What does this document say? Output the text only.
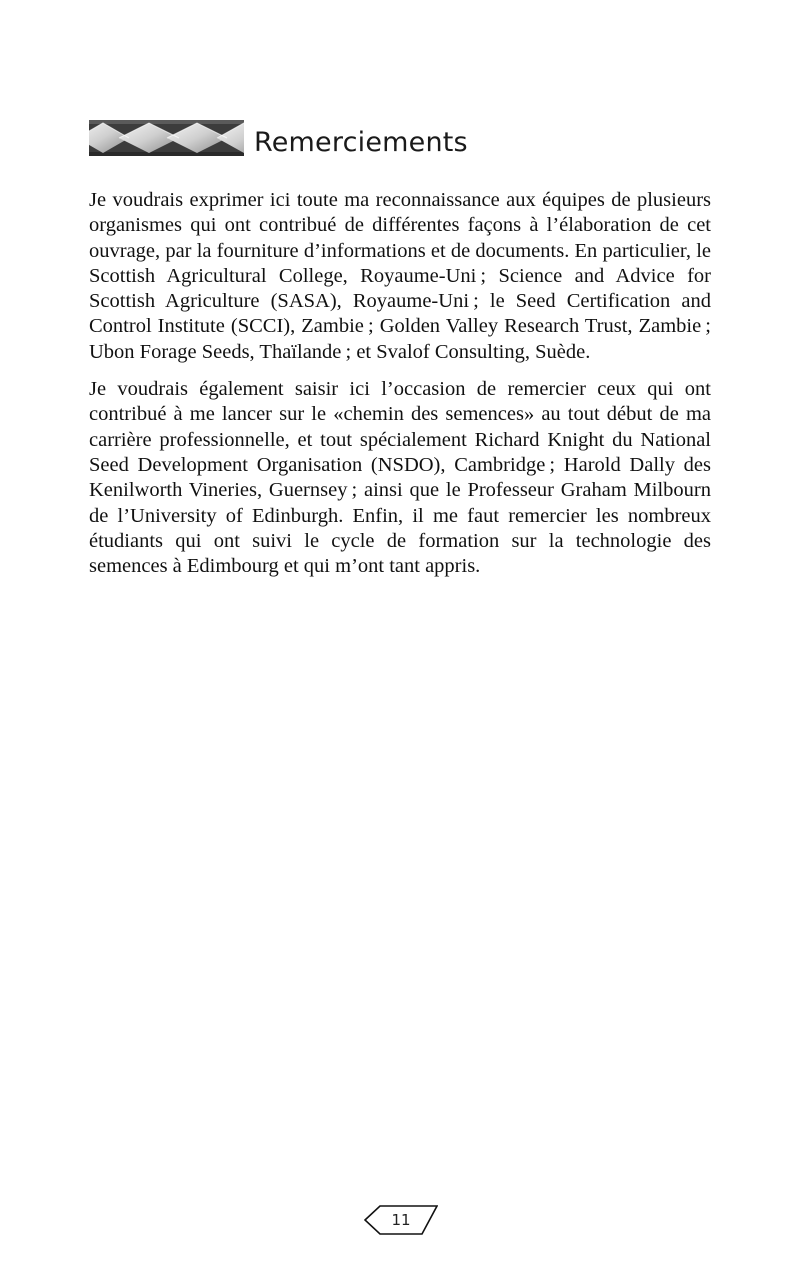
Remerciements

Je voudrais exprimer ici toute ma reconnaissance aux équipes de plusieurs organismes qui ont contribué de différentes façons à l’élaboration de cet ouvrage, par la fourniture d’informations et de documents. En particulier, le Scottish Agricultural College, Royaume-Uni ; Science and Advice for Scottish Agriculture (SASA), Royaume-Uni ; le Seed Certification and Control Institute (SCCI), Zambie ; Golden Valley Research Trust, Zambie ; Ubon Forage Seeds, Thaïlande ; et Svalof Consulting, Suède.

Je voudrais également saisir ici l’occasion de remercier ceux qui ont contribué à me lancer sur le «chemin des semences» au tout début de ma carrière professionnelle, et tout spécialement Richard Knight du National Seed Development Organisation (NSDO), Cambridge ; Harold Dally des Kenilworth Vineries, Guernsey ; ainsi que le Professeur Graham Milbourn de l’University of Edinburgh. Enfin, il me faut remercier les nombreux étudiants qui ont suivi le cycle de formation sur la technologie des semences à Edimbourg et qui m’ont tant appris.

11
